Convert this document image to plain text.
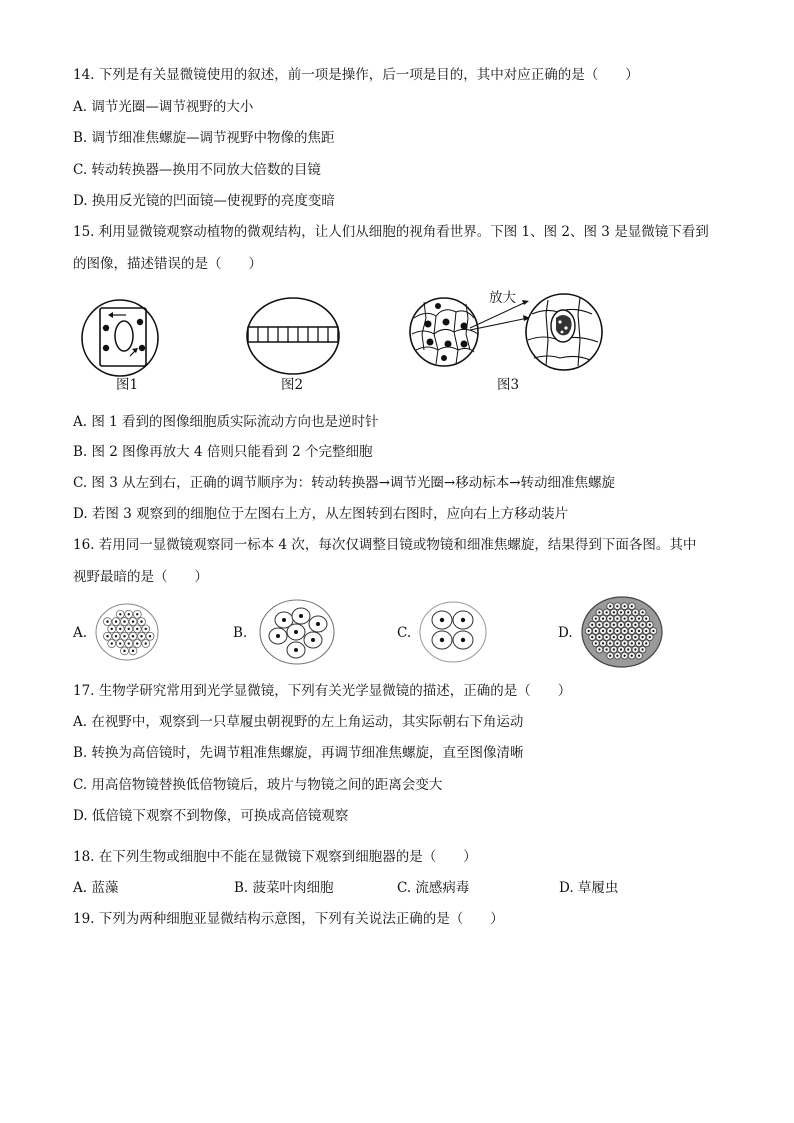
14. 下列是有关显微镜使用的叙述，前一项是操作，后一项是目的，其中对应正确的是（　　）
A. 调节光圈—调节视野的大小
B. 调节细准焦螺旋—调节视野中物像的焦距
C. 转动转换器—换用不同放大倍数的目镜
D. 换用反光镜的凹面镜—使视野的亮度变暗
15. 利用显微镜观察动植物的微观结构，让人们从细胞的视角看世界。下图 1、图 2、图 3 是显微镜下看到
的图像，描述错误的是（　　）
图1	图2
放大
图3
A. 图 1 看到的图像细胞质实际流动方向也是逆时针
B. 图 2 图像再放大 4 倍则只能看到 2 个完整细胞
C. 图 3 从左到右，正确的调节顺序为：转动转换器→调节光圈→移动标本→转动细准焦螺旋
D. 若图 3 观察到的细胞位于左图右上方，从左图转到右图时，应向右上方移动装片
16. 若用同一显微镜观察同一标本 4 次，每次仅调整目镜或物镜和细准焦螺旋，结果得到下面各图。其中
视野最暗的是（　　）
A.	B.	C.	D.
17. 生物学研究常用到光学显微镜，下列有关光学显微镜的描述，正确的是（　　）
A. 在视野中，观察到一只草履虫朝视野的左上角运动，其实际朝右下角运动
B. 转换为高倍镜时，先调节粗准焦螺旋，再调节细准焦螺旋，直至图像清晰
C. 用高倍物镜替换低倍物镜后，玻片与物镜之间的距离会变大
D. 低倍镜下观察不到物像，可换成高倍镜观察
18. 在下列生物或细胞中不能在显微镜下观察到细胞器的是（　　）
A. 蓝藻	B. 菠菜叶肉细胞	C. 流感病毒	D. 草履虫
19. 下列为两种细胞亚显微结构示意图，下列有关说法正确的是（　　）
